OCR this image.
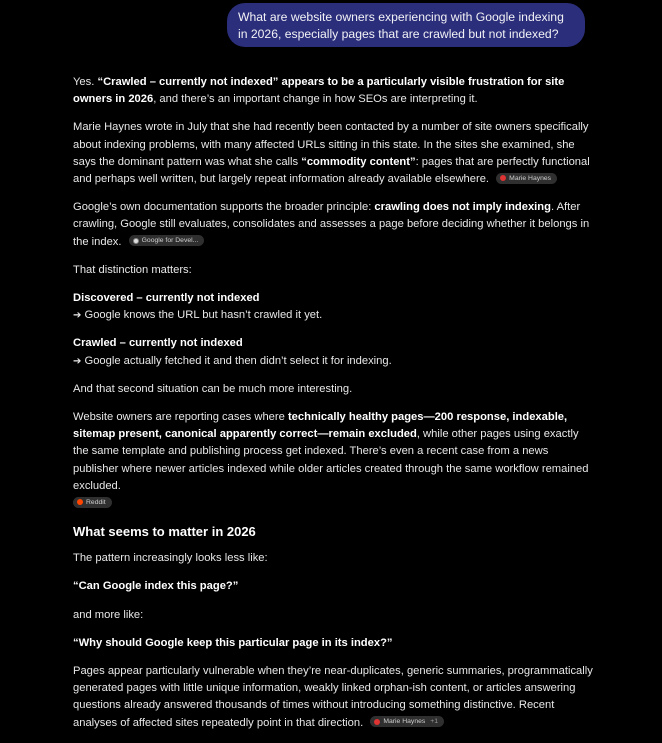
What are website owners experiencing with Google indexing in 2026, especially pages that are crawled but not indexed?

Yes. “Crawled – currently not indexed” appears to be a particularly visible frustration for site owners in 2026, and there’s an important change in how SEOs are interpreting it.

Marie Haynes wrote in July that she had recently been contacted by a number of site owners specifically about indexing problems, with many affected URLs sitting in this state. In the sites she examined, she says the dominant pattern was what she calls “commodity content”: pages that are perfectly functional and perhaps well written, but largely repeat information already available elsewhere.	Marie Haynes

Google’s own documentation supports the broader principle: crawling does not imply indexing. After crawling, Google still evaluates, consolidates and assesses a page before deciding whether it belongs in the index.	Google for Devel...

That distinction matters:

Discovered – currently not indexed
➔ Google knows the URL but hasn’t crawled it yet.

Crawled – currently not indexed
➔ Google actually fetched it and then didn’t select it for indexing.

And that second situation can be much more interesting.

Website owners are reporting cases where technically healthy pages—200 response, indexable, sitemap present, canonical apparently correct—remain excluded, while other pages using exactly the same template and publishing process get indexed. There’s even a recent case from a news publisher where newer articles indexed while older articles created through the same workflow remained excluded.

Reddit

What seems to matter in 2026

The pattern increasingly looks less like:

“Can Google index this page?”

and more like:

“Why should Google keep this particular page in its index?”

Pages appear particularly vulnerable when they’re near-duplicates, generic summaries, programmatically generated pages with little unique information, weakly linked orphan-ish content, or articles answering questions already answered thousands of times without introducing something distinctive. Recent analyses of affected sites repeatedly point in that direction.	Marie Haynes +1
